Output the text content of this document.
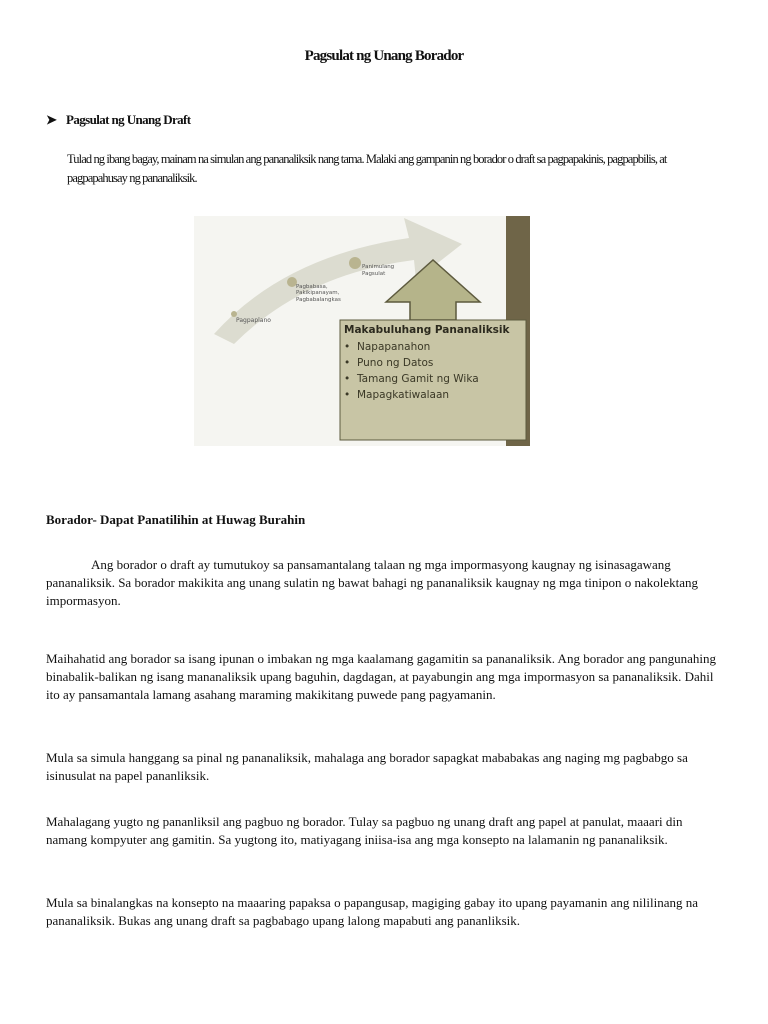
Pagsulat ng Unang Borador
➤ Pagsulat ng Unang Draft
Tulad ng ibang bagay, mainam na simulan ang pananaliksik nang tama. Malaki ang gampanin ng borador o draft sa pagpapakinis, pagpapbilis, at pagpapahusay ng pananaliksik.
Pagpaplano
Pagbabasa,
Pakikipanayam,
Pagbabalangkas
Panimulang
Pagsulat
Makabuluhang Pananaliksik
• Napapanahon
• Puno ng Datos
• Tamang Gamit ng Wika
• Mapagkatiwalaan
Borador- Dapat Panatilihin at Huwag Burahin
Ang borador o draft ay tumutukoy sa pansamantalang talaan ng mga impormasyong kaugnay ng isinasagawang pananaliksik. Sa borador makikita ang unang sulatin ng bawat bahagi ng pananaliksik kaugnay ng mga tinipon o nakolektang impormasyon.
Maihahatid ang borador sa isang ipunan o imbakan ng mga kaalamang gagamitin sa pananaliksik. Ang borador ang pangunahing binabalik-balikan ng isang mananaliksik upang baguhin, dagdagan, at payabungin ang mga impormasyon sa pananaliksik. Dahil ito ay pansamantala lamang asahang maraming makikitang puwede pang pagyamanin.
Mula sa simula hanggang sa pinal ng pananaliksik, mahalaga ang borador sapagkat mababakas ang naging mg pagbabgo sa isinusulat na papel pananliksik.
Mahalagang yugto ng pananliksil ang pagbuo ng borador. Tulay sa pagbuo ng unang draft ang papel at panulat, maaari din namang kompyuter ang gamitin. Sa yugtong ito, matiyagang iniisa-isa ang mga konsepto na lalamanin ng pananaliksik.
Mula sa binalangkas na konsepto na maaaring papaksa o papangusap, magiging gabay ito upang payamanin ang nililinang na pananaliksik. Bukas ang unang draft sa pagbabago upang lalong mapabuti ang pananliksik.
